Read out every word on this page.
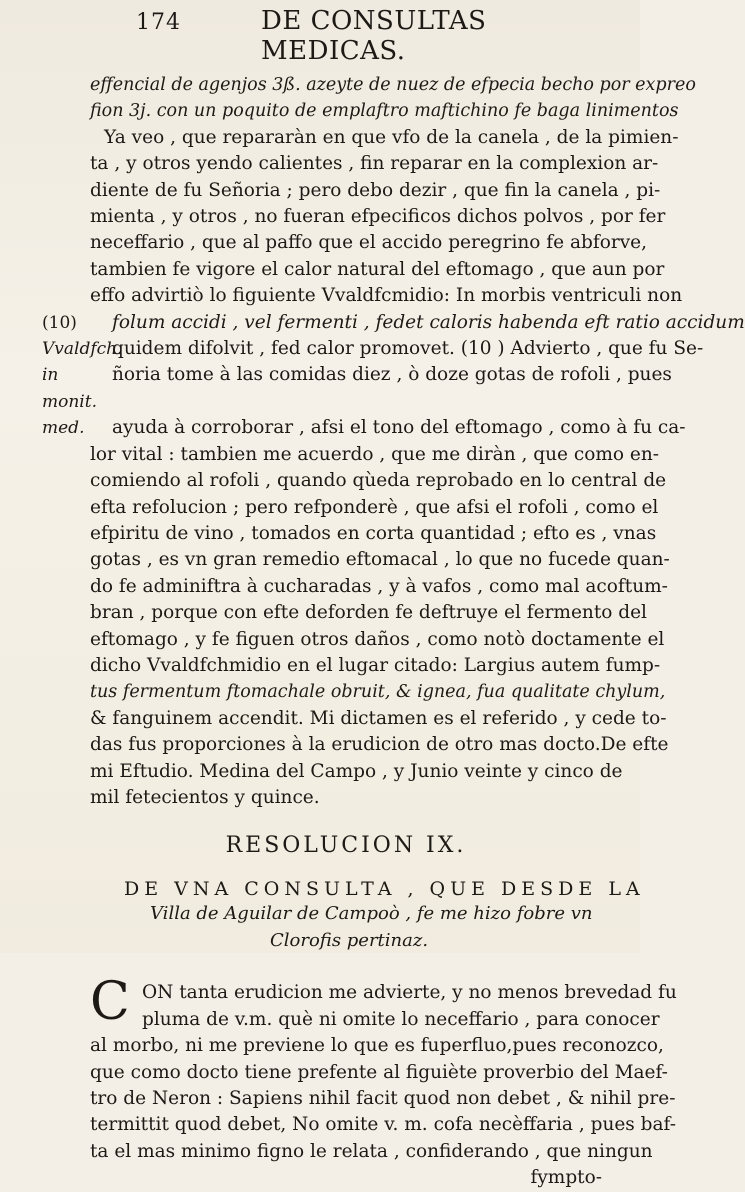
174	DE CONSULTAS MEDICAS.
effencial de agenjos 3ß. azeyte de nuez de efpecia becho por expreo
fion 3j. con un poquito de emplaftro maftichino fe baga linimentos
Ya veo , que repararàn en que vfo de la canela , de la pimien-
ta , y otros yendo calientes , fin reparar en la complexion ar-
diente de fu Señoria ; pero debo dezir , que fin la canela , pi-
mienta , y otros , no fueran efpecificos dichos polvos , por fer
neceffario , que al paffo que el accido peregrino fe abforve,
tambien fe vigore el calor natural del eftomago , que aun por
effo advirtiò lo figuiente Vvaldfcmidio: In morbis ventriculi non
(10)	folum accidi , vel fermenti , fedet caloris habenda eft ratio accidum
Vvaldfch.
quidem difolvit , fed calor promovet. (10 ) Advierto , que fu Se-
in monit.
ñoria tome à las comidas diez , ò doze gotas de rofoli , pues
med.	ayuda à corroborar , afsi el tono del eftomago , como à fu ca-
lor vital : tambien me acuerdo , que me diràn , que como en-
comiendo al rofoli , quando qùeda reprobado en lo central de
efta refolucion ; pero refponderè , que afsi el rofoli , como el
efpiritu de vino , tomados en corta quantidad ; efto es , vnas
gotas , es vn gran remedio eftomacal , lo que no fucede quan-
do fe adminiftra à cucharadas , y à vafos , como mal acoftum-
bran , porque con efte deforden fe deftruye el fermento del
eftomago , y fe figuen otros daños , como notò doctamente el
dicho Vvaldfchmidio en el lugar citado: Largius autem fump-
tus fermentum ftomachale obruit, & ignea, fua qualitate chylum,
& fanguinem accendit. Mi dictamen es el referido , y cede to-
das fus proporciones à la erudicion de otro mas docto.De efte
mi Eftudio. Medina del Campo , y Junio veinte y cinco de
mil fetecientos y quince.
RESOLUCION IX.
DE VNA CONSULTA , QUE DESDE LA
Villa de Aguilar de Campoò , fe me hizo fobre vn
Clorofis pertinaz.
C ON tanta erudicion me advierte, y no menos brevedad fu
pluma de v.m. què ni omite lo neceffario , para conocer
al morbo, ni me previene lo que es fuperfluo,pues reconozco,
que como docto tiene prefente al figuiète proverbio del Maef-
tro de Neron : Sapiens nihil facit quod non debet , & nihil pre-
termittit quod debet, No omite v. m. cofa necèffaria , pues baf-
ta el mas minimo figno le relata , confiderando , que ningun
fympto-
